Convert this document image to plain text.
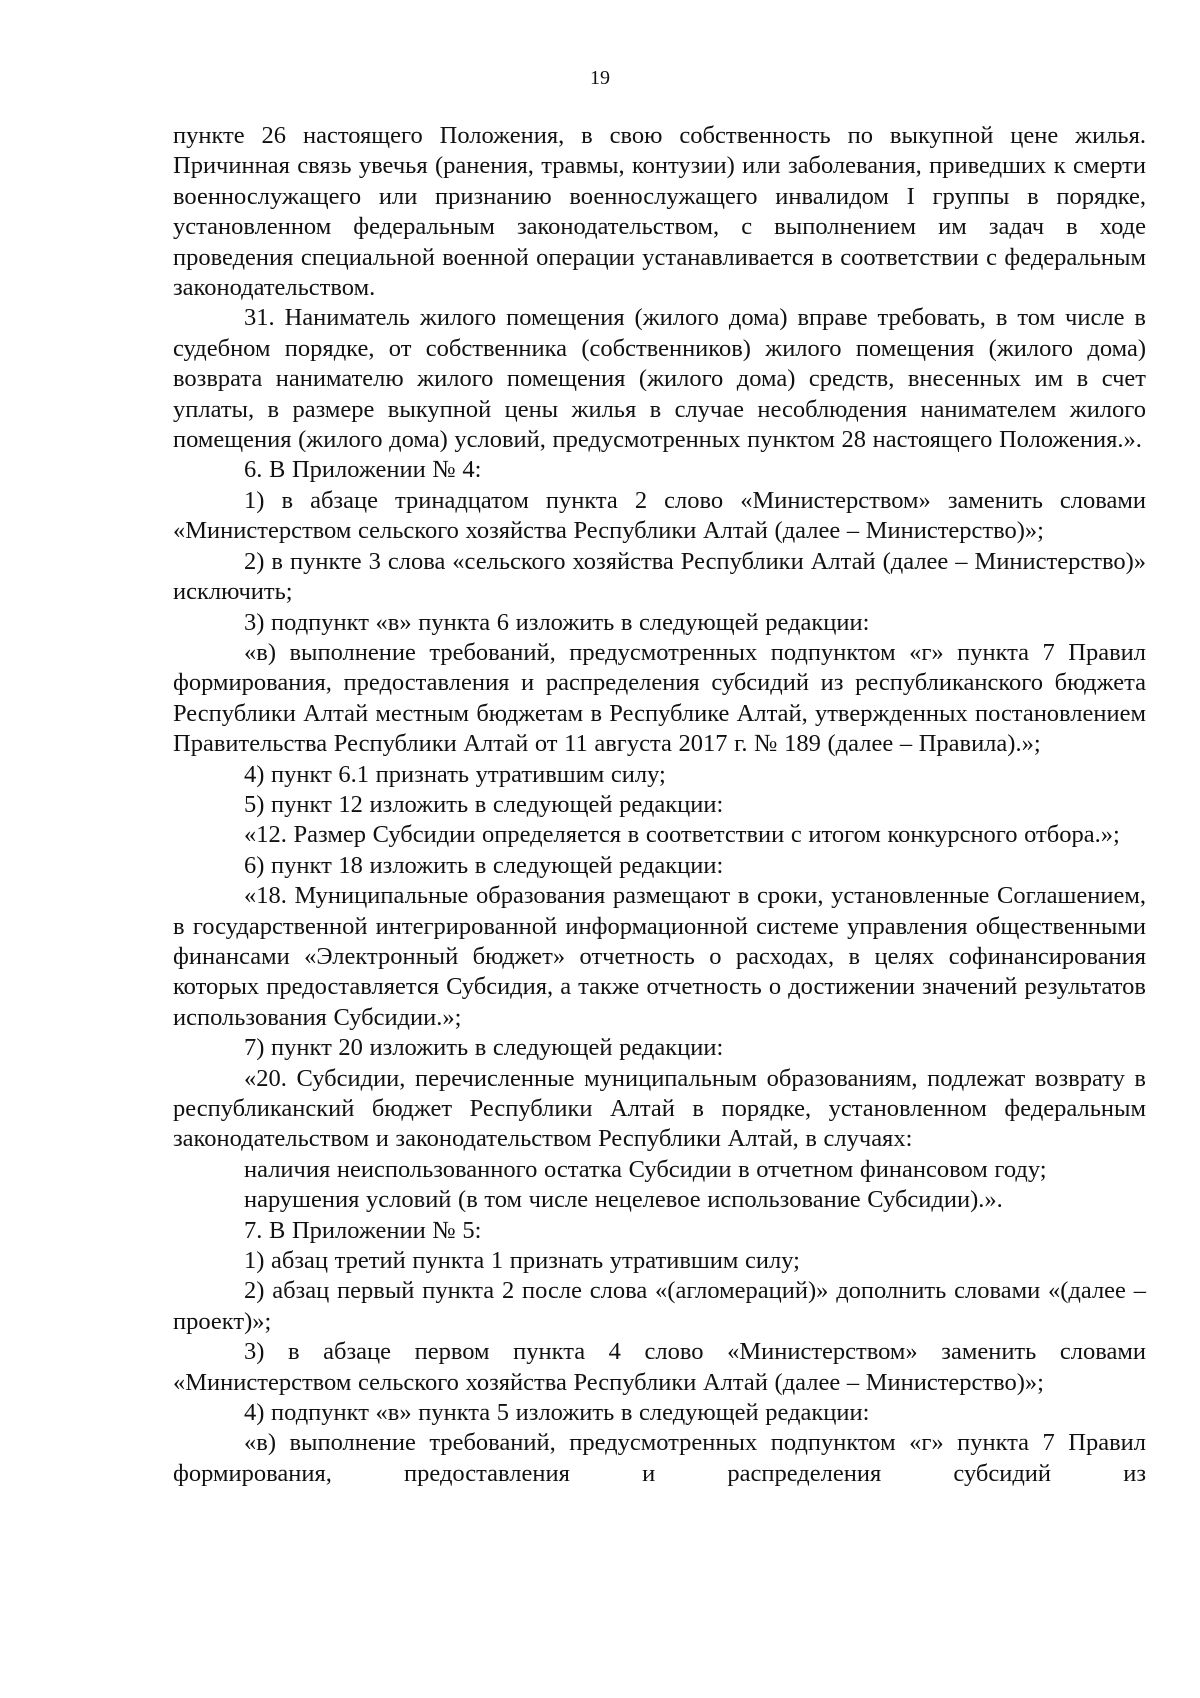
19

пункте 26 настоящего Положения, в свою собственность по выкупной цене жилья. Причинная связь увечья (ранения, травмы, контузии) или заболевания, приведших к смерти военнослужащего или признанию военнослужащего инвалидом I группы в порядке, установленном федеральным законодательством, с выполнением им задач в ходе проведения специальной военной операции устанавливается в соответствии с федеральным законодательством.

31. Наниматель жилого помещения (жилого дома) вправе требовать, в том числе в судебном порядке, от собственника (собственников) жилого помещения (жилого дома) возврата нанимателю жилого помещения (жилого дома) средств, внесенных им в счет уплаты, в размере выкупной цены жилья в случае несоблюдения нанимателем жилого помещения (жилого дома) условий, предусмотренных пунктом 28 настоящего Положения.».

6. В Приложении № 4:

1) в абзаце тринадцатом пункта 2 слово «Министерством» заменить словами «Министерством сельского хозяйства Республики Алтай (далее – Министерство)»;

2) в пункте 3 слова «сельского хозяйства Республики Алтай (далее – Министерство)» исключить;

3) подпункт «в» пункта 6 изложить в следующей редакции:

«в) выполнение требований, предусмотренных подпунктом «г» пункта 7 Правил формирования, предоставления и распределения субсидий из республиканского бюджета Республики Алтай местным бюджетам в Республике Алтай, утвержденных постановлением Правительства Республики Алтай от 11 августа 2017 г. № 189 (далее – Правила).»;

4) пункт 6.1 признать утратившим силу;

5) пункт 12 изложить в следующей редакции:

«12. Размер Субсидии определяется в соответствии с итогом конкурсного отбора.»;

6) пункт 18 изложить в следующей редакции:

«18. Муниципальные образования размещают в сроки, установленные Соглашением, в государственной интегрированной информационной системе управления общественными финансами «Электронный бюджет» отчетность о расходах, в целях софинансирования которых предоставляется Субсидия, а также отчетность о достижении значений результатов использования Субсидии.»;

7) пункт 20 изложить в следующей редакции:

«20. Субсидии, перечисленные муниципальным образованиям, подлежат возврату в республиканский бюджет Республики Алтай в порядке, установленном федеральным законодательством и законодательством Республики Алтай, в случаях:

наличия неиспользованного остатка Субсидии в отчетном финансовом году;

нарушения условий (в том числе нецелевое использование Субсидии).».

7. В Приложении № 5:

1) абзац третий пункта 1 признать утратившим силу;

2) абзац первый пункта 2 после слова «(агломераций)» дополнить словами «(далее – проект)»;

3) в абзаце первом пункта 4 слово «Министерством» заменить словами «Министерством сельского хозяйства Республики Алтай (далее – Министерство)»;

4) подпункт «в» пункта 5 изложить в следующей редакции:

«в) выполнение требований, предусмотренных подпунктом «г» пункта 7 Правил формирования, предоставления и распределения субсидий из
